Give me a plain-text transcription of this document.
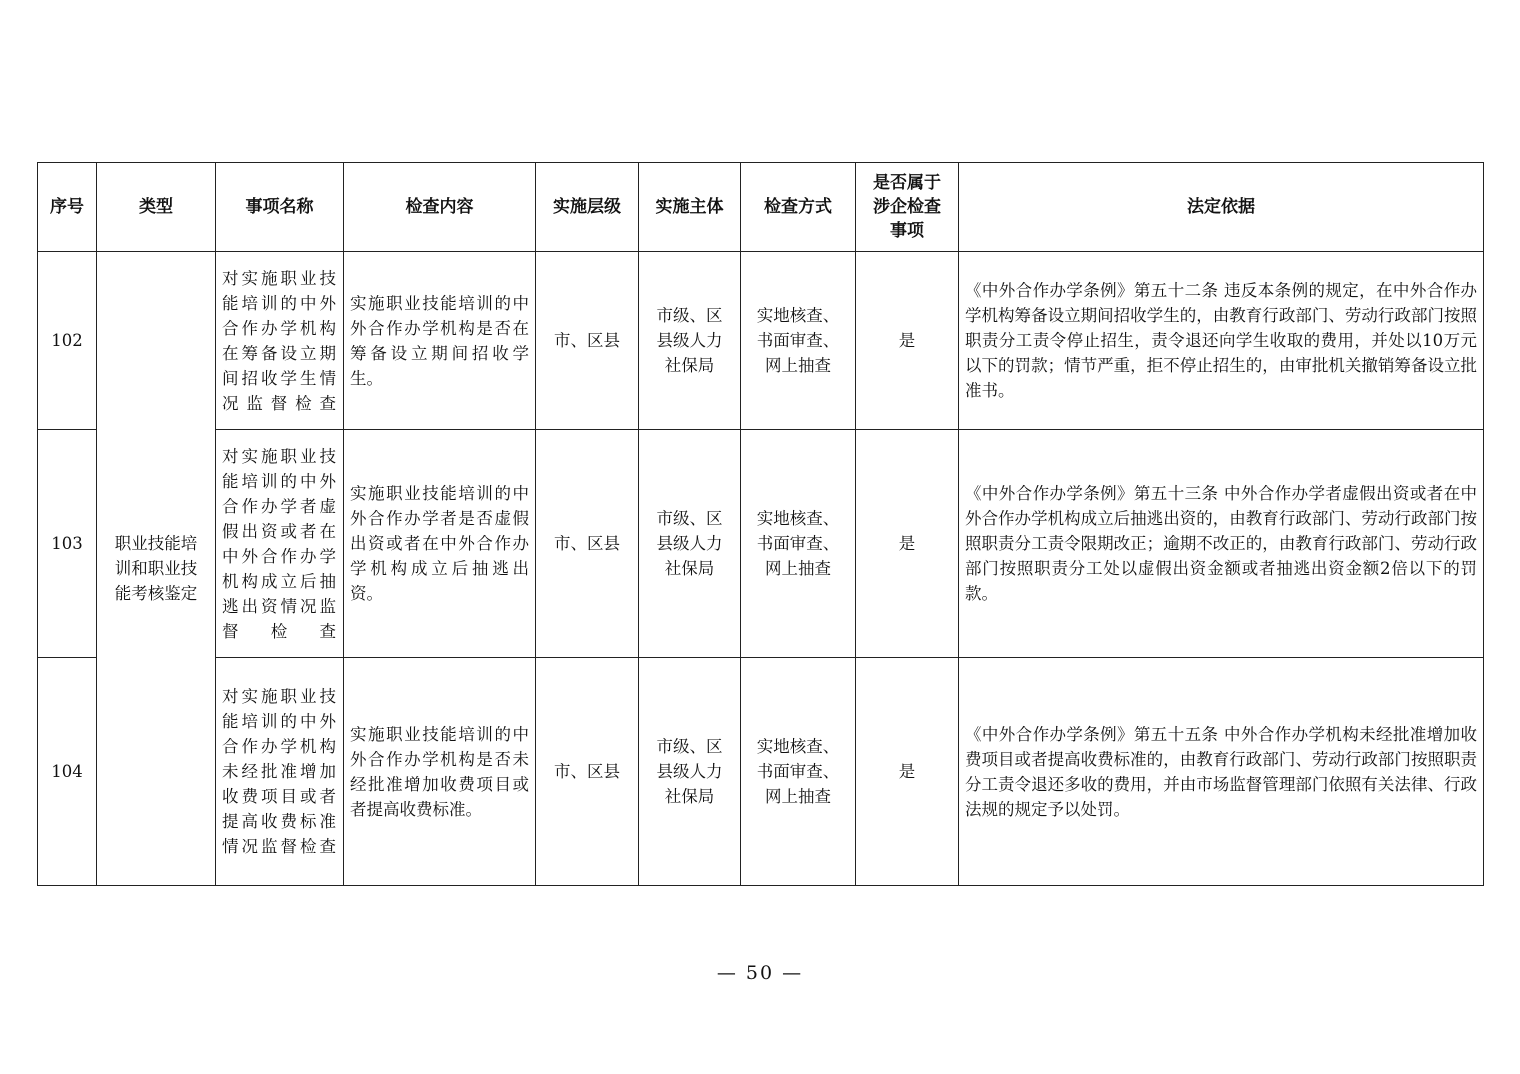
序号	类型	事项名称	检查内容	实施层级	实施主体	检查方式	是否属于涉企检查事项	法定依据
102	职业技能培训和职业技能考核鉴定	对实施职业技能培训的中外合作办学机构在筹备设立期间招收学生情况监督检查	实施职业技能培训的中外合作办学机构是否在筹备设立期间招收学生。	市、区县	市级、区县级人力社保局	实地核查、书面审查、网上抽查	是	《中外合作办学条例》第五十二条 违反本条例的规定，在中外合作办学机构筹备设立期间招收学生的，由教育行政部门、劳动行政部门按照职责分工责令停止招生，责令退还向学生收取的费用，并处以10万元以下的罚款；情节严重，拒不停止招生的，由审批机关撤销筹备设立批准书。
103		对实施职业技能培训的中外合作办学者虚假出资或者在中外合作办学机构成立后抽逃出资情况监督检查	实施职业技能培训的中外合作办学者是否虚假出资或者在中外合作办学机构成立后抽逃出资。	市、区县	市级、区县级人力社保局	实地核查、书面审查、网上抽查	是	《中外合作办学条例》第五十三条 中外合作办学者虚假出资或者在中外合作办学机构成立后抽逃出资的，由教育行政部门、劳动行政部门按照职责分工责令限期改正；逾期不改正的，由教育行政部门、劳动行政部门按照职责分工处以虚假出资金额或者抽逃出资金额2倍以下的罚款。
104		对实施职业技能培训的中外合作办学机构未经批准增加收费项目或者提高收费标准情况监督检查	实施职业技能培训的中外合作办学机构是否未经批准增加收费项目或者提高收费标准。	市、区县	市级、区县级人力社保局	实地核查、书面审查、网上抽查	是	《中外合作办学条例》第五十五条 中外合作办学机构未经批准增加收费项目或者提高收费标准的，由教育行政部门、劳动行政部门按照职责分工责令退还多收的费用，并由市场监督管理部门依照有关法律、行政法规的规定予以处罚。
— 50 —
